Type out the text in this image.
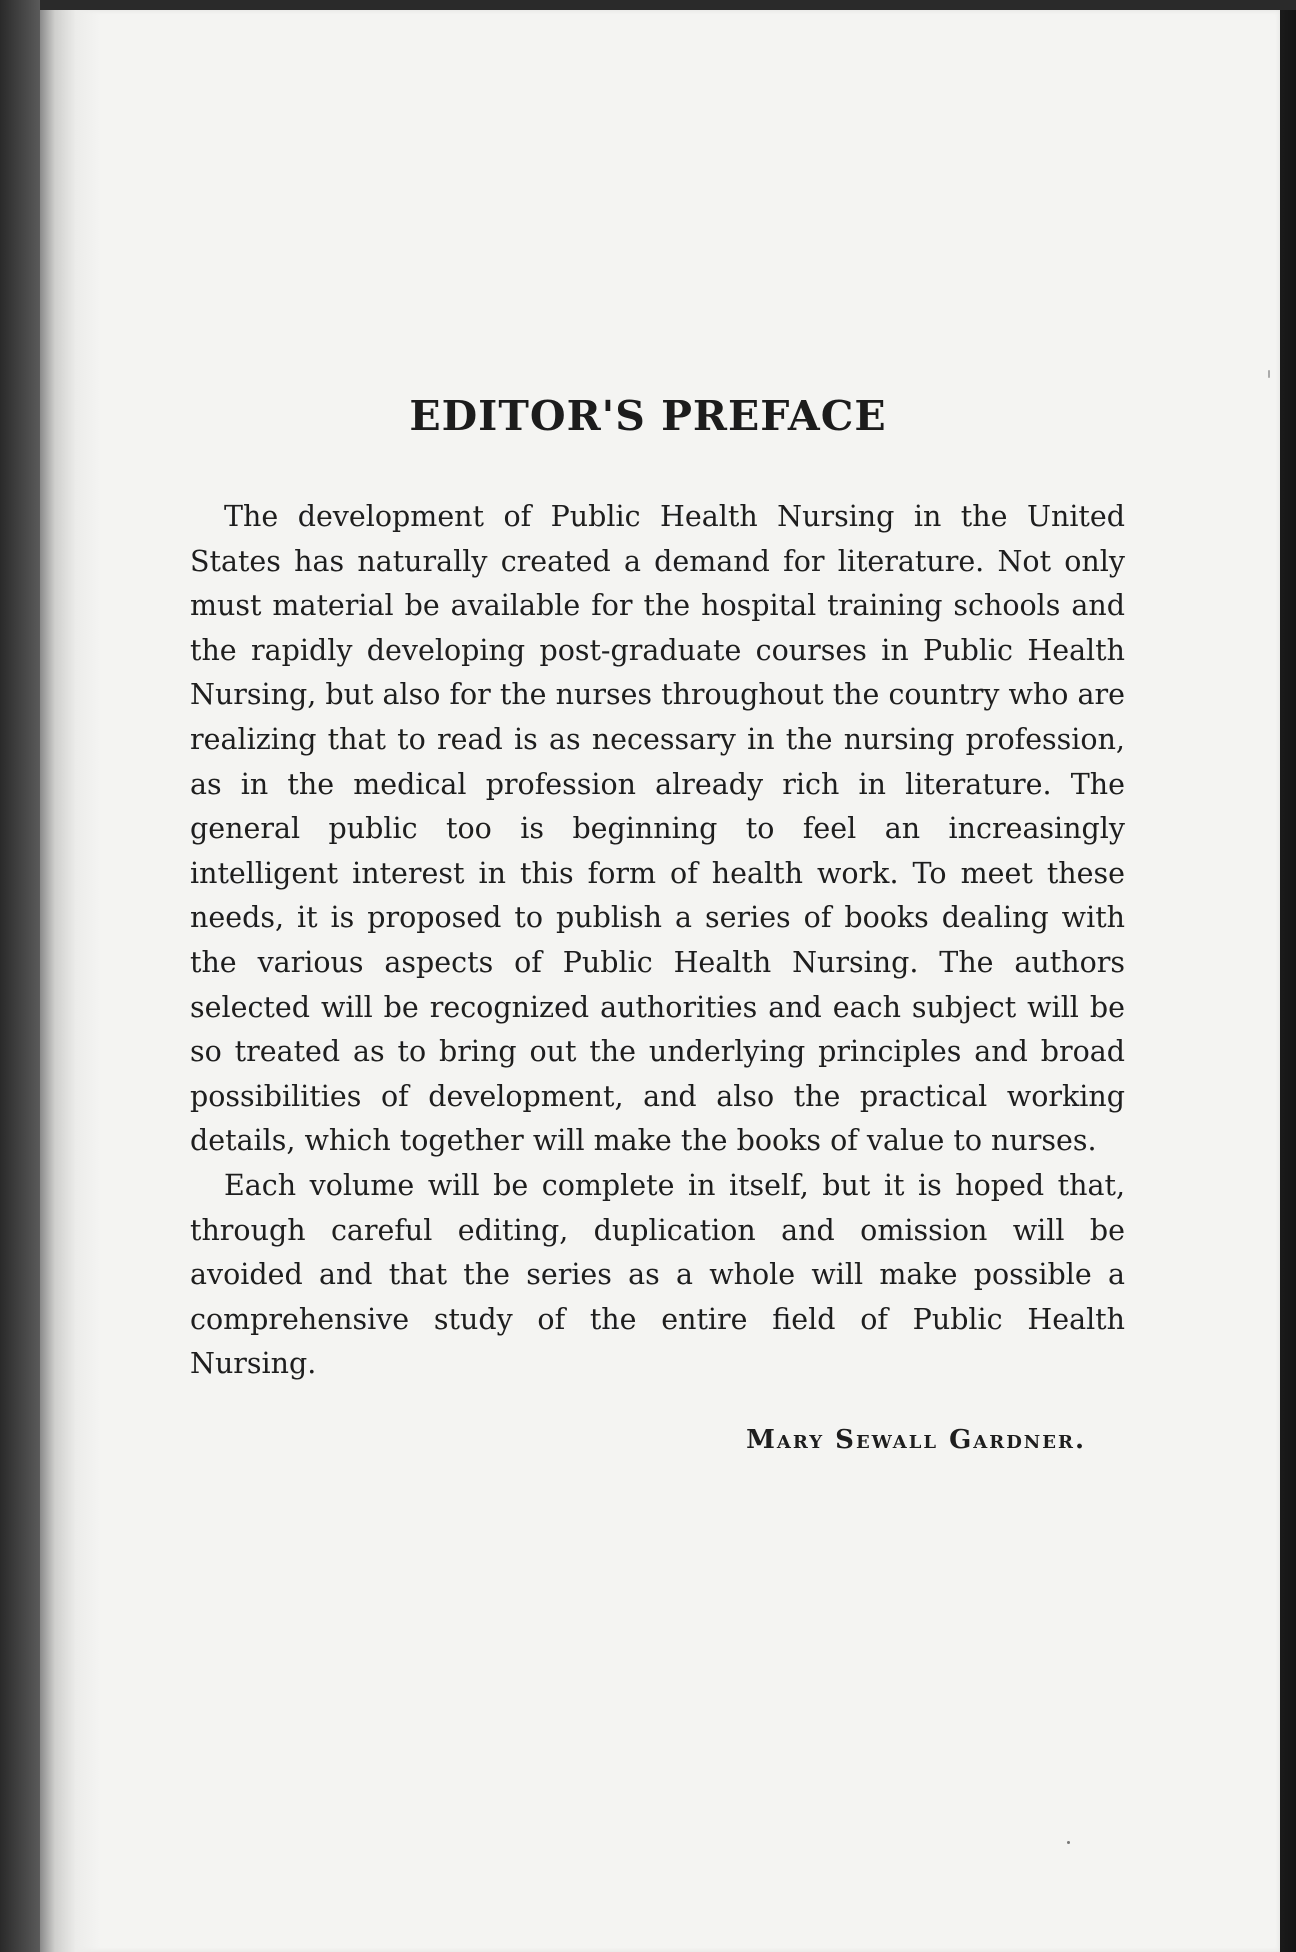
EDITOR'S PREFACE

The development of Public Health Nursing in the United States has naturally created a demand for literature. Not only must material be available for the hospital training schools and the rapidly developing post-graduate courses in Public Health Nursing, but also for the nurses throughout the country who are realizing that to read is as necessary in the nursing profession, as in the medical profession already rich in literature. The general public too is beginning to feel an increasingly intelligent interest in this form of health work. To meet these needs, it is proposed to publish a series of books dealing with the various aspects of Public Health Nursing. The authors selected will be recognized authorities and each subject will be so treated as to bring out the underlying principles and broad possibilities of development, and also the practical working details, which together will make the books of value to nurses.

Each volume will be complete in itself, but it is hoped that, through careful editing, duplication and omission will be avoided and that the series as a whole will make possible a comprehensive study of the entire field of Public Health Nursing.

Mary Sewall Gardner.
